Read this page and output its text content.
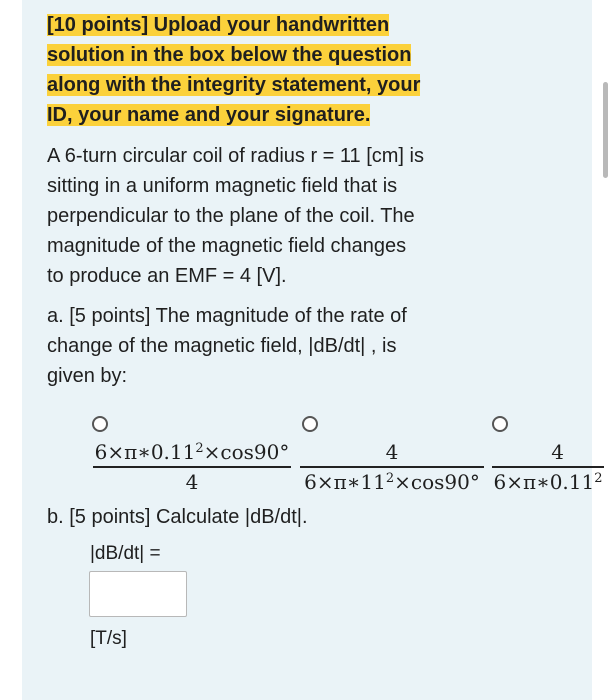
[10 points] Upload your handwritten
solution in the box below the question
along with the integrity statement, your
ID, your name and your signature.
A 6-turn circular coil of radius r = 11 [cm] is
sitting in a uniform magnetic field that is
perpendicular to the plane of the coil. The
magnitude of the magnetic field changes
to produce an EMF = 4 [V].
a. [5 points] The magnitude of the rate of
change of the magnetic field, |dB/dt| , is
given by:
$6\times\pi∗0.11^2\times\cos 90^\circ$
4
4
$6\times\pi∗11^2\times\cos 90^\circ$
4
$6\times\pi∗0.11^2$
b. [5 points] Calculate |dB/dt|.
|dB/dt| =
[T/s]
